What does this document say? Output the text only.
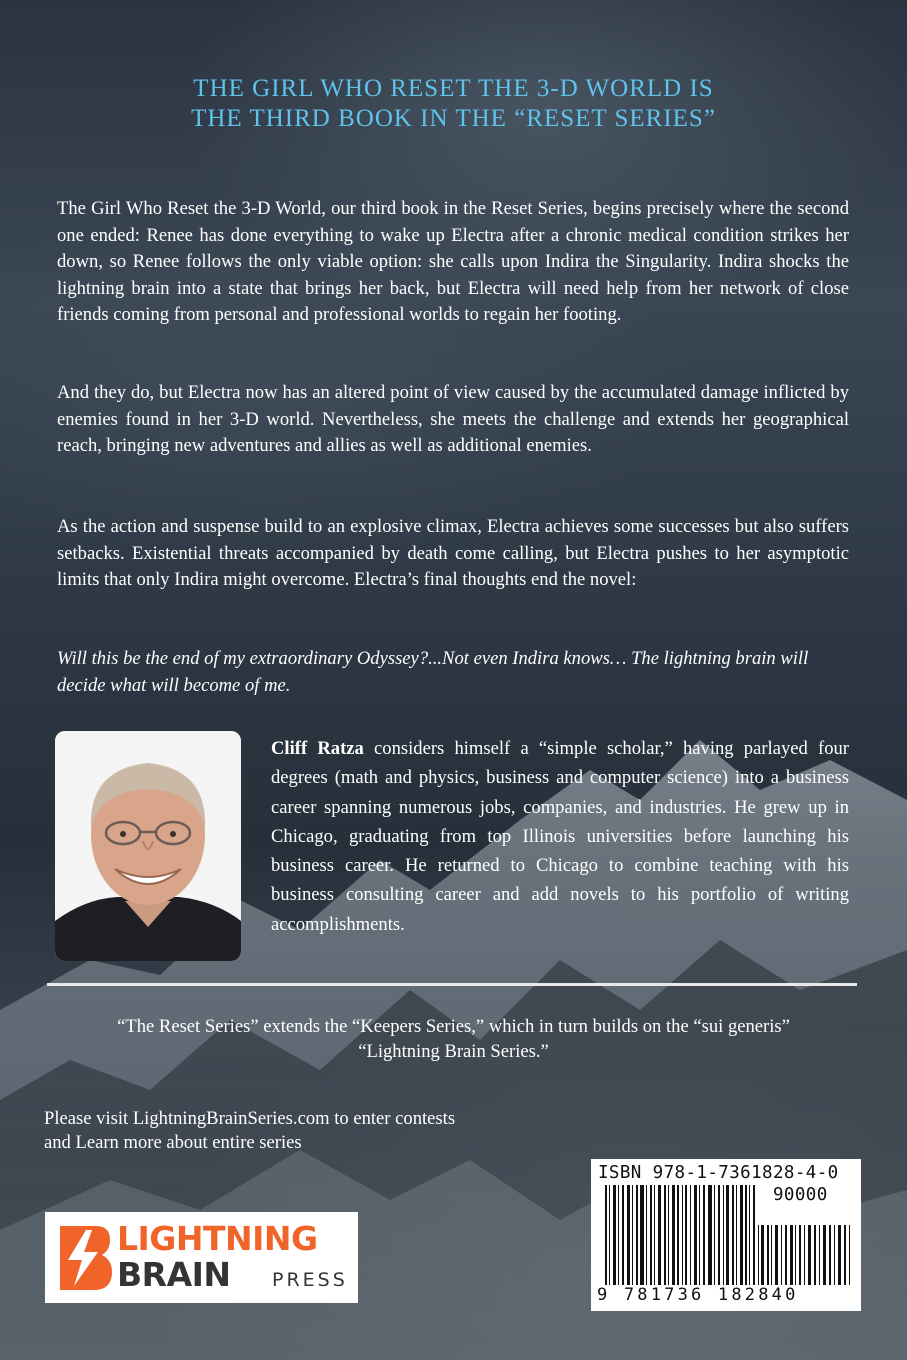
THE GIRL WHO RESET THE 3-D WORLD IS
THE THIRD BOOK IN THE “RESET SERIES”

The Girl Who Reset the 3-D World, our third book in the Reset Series, begins precisely where the second one ended: Renee has done everything to wake up Electra after a chronic medical condition strikes her down, so Renee follows the only viable option: she calls upon Indira the Singularity. Indira shocks the lightning brain into a state that brings her back, but Electra will need help from her network of close friends coming from personal and professional worlds to regain her footing.

And they do, but Electra now has an altered point of view caused by the accumulated damage inflicted by enemies found in her 3-D world. Nevertheless, she meets the challenge and extends her geographical reach, bringing new adventures and allies as well as additional enemies.

As the action and suspense build to an explosive climax, Electra achieves some successes but also suffers setbacks. Existential threats accompanied by death come calling, but Electra pushes to her asymptotic limits that only Indira might overcome. Electra’s final thoughts end the novel:

Will this be the end of my extraordinary Odyssey?...Not even Indira knows… The lightning brain will decide what will become of me.

Cliff Ratza considers himself a “simple scholar,” having parlayed four degrees (math and physics, business and computer science) into a business career spanning numerous jobs, companies, and industries. He grew up in Chicago, graduating from top Illinois universities before launching his business career. He returned to Chicago to combine teaching with his business consulting career and add novels to his portfolio of writing accomplishments.

“The Reset Series” extends the “Keepers Series,” which in turn builds on the “sui generis”
“Lightning Brain Series.”
Please visit LightningBrainSeries.com to enter contests
and Learn more about entire series
LIGHTNING
BRAIN PRESS
ISBN 978-1-7361828-4-0
90000
9 781736 182840
